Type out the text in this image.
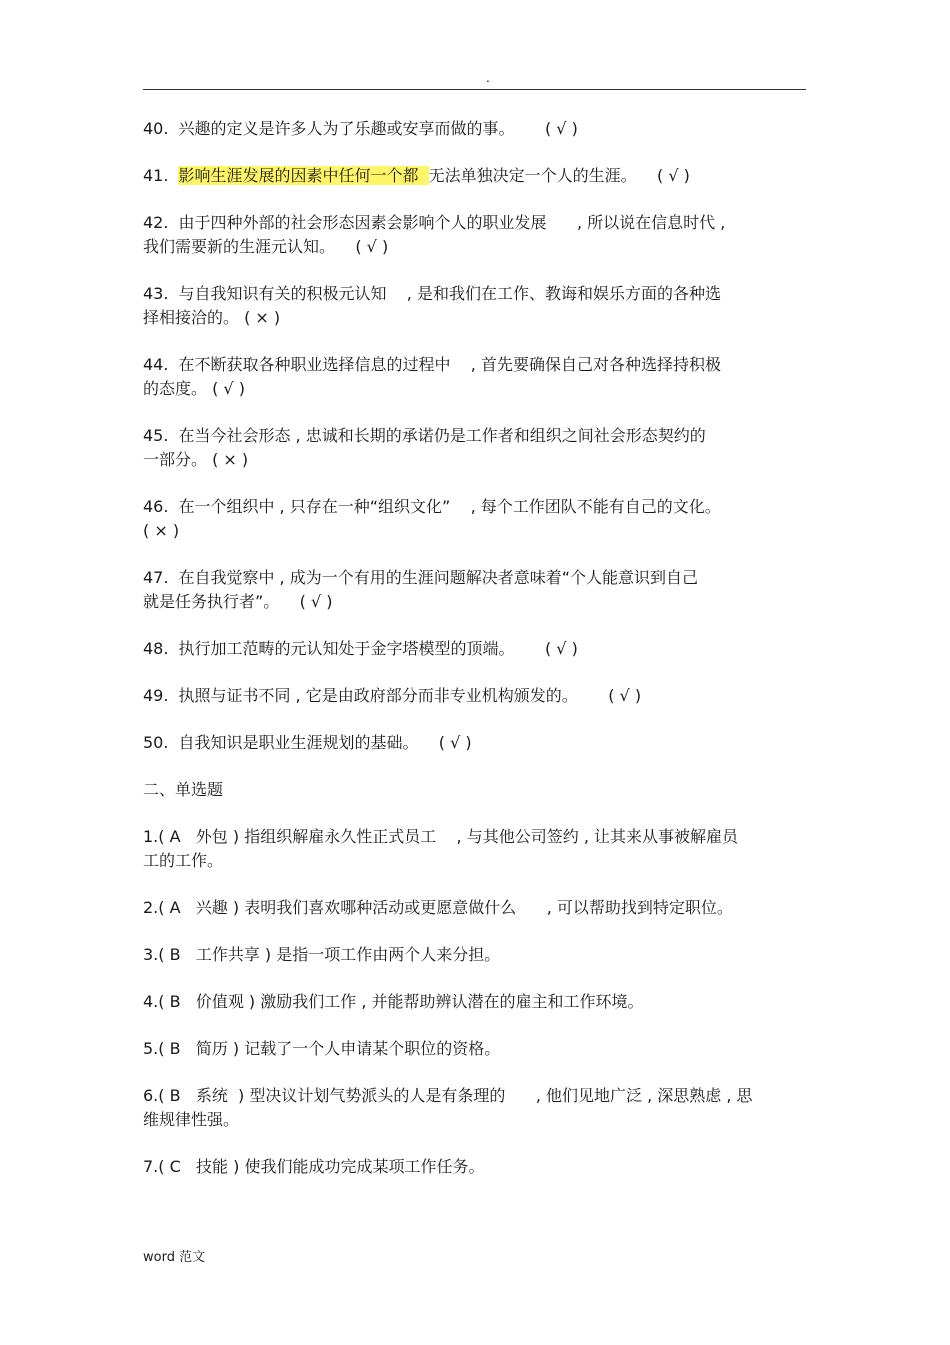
.
40. 兴趣的定义是许多人为了乐趣或安享而做的事。      ( √ )
41. 影响生涯发展的因素中任何一个都  无法单独决定一个人的生涯。    ( √ )
42. 由于四种外部的社会形态因素会影响个人的职业发展      , 所以说在信息时代 ,
我们需要新的生涯元认知。    ( √ )
43. 与自我知识有关的积极元认知    , 是和我们在工作、教诲和娱乐方面的各种选
择相接洽的。 ( × )
44. 在不断获取各种职业选择信息的过程中    , 首先要确保自己对各种选择持积极
的态度。 ( √ )
45. 在当今社会形态 , 忠诚和长期的承诺仍是工作者和组织之间社会形态契约的
一部分。 ( × )
46. 在一个组织中 , 只存在一种“组织文化”    , 每个工作团队不能有自己的文化。
( × )
47. 在自我觉察中 , 成为一个有用的生涯问题解决者意味着“个人能意识到自己
就是任务执行者”。    ( √ )
48. 执行加工范畴的元认知处于金字塔模型的顶端。      ( √ )
49. 执照与证书不同 , 它是由政府部分而非专业机构颁发的。      ( √ )
50. 自我知识是职业生涯规划的基础。    ( √ )
二、单选题
1.( A   外包 ) 指组织解雇永久性正式员工    , 与其他公司签约 , 让其来从事被解雇员
工的工作。
2.( A   兴趣 ) 表明我们喜欢哪种活动或更愿意做什么      , 可以帮助找到特定职位。
3.( B   工作共享 ) 是指一项工作由两个人来分担。
4.( B   价值观 ) 激励我们工作 , 并能帮助辨认潜在的雇主和工作环境。
5.( B   简历 ) 记载了一个人申请某个职位的资格。
6.( B   系统  ) 型决议计划气势派头的人是有条理的      , 他们见地广泛 , 深思熟虑 , 思
维规律性强。
7.( C   技能 ) 使我们能成功完成某项工作任务。
word 范文
